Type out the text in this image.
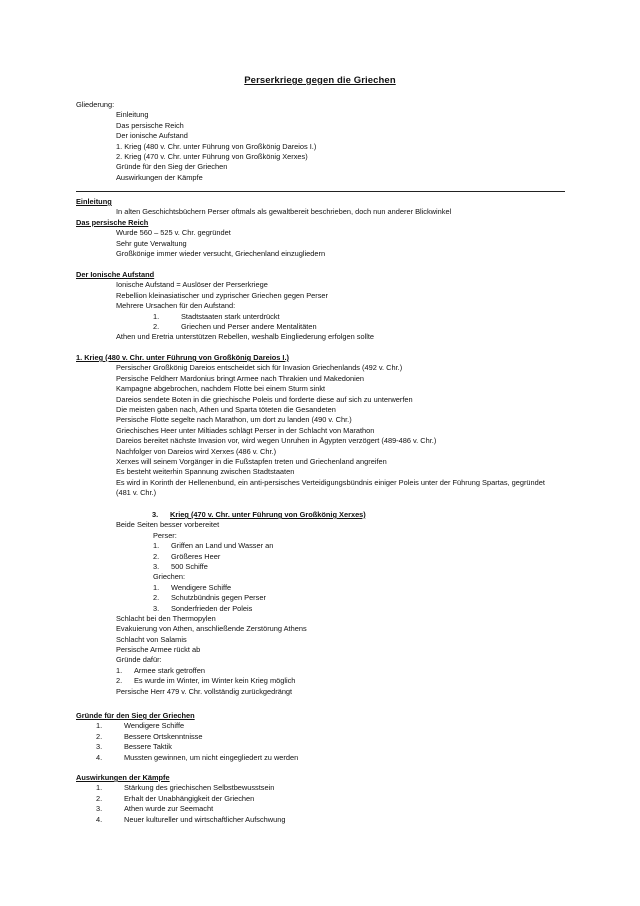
Perserkriege gegen die Griechen
Gliederung:
Einleitung
Das persische Reich
Der ionische Aufstand
1. Krieg (480 v. Chr. unter Führung von Großkönig Dareios I.)
2. Krieg (470 v. Chr. unter Führung von Großkönig Xerxes)
Gründe für den Sieg der Griechen
Auswirkungen der Kämpfe
Einleitung
In alten Geschichtsbüchern Perser oftmals als gewaltbereit beschrieben, doch nun anderer Blickwinkel
Das persische Reich
Wurde 560 – 525 v. Chr. gegründet
Sehr gute Verwaltung
Großkönige immer wieder versucht, Griechenland einzugliedern
Der Ionische Aufstand
Ionische Aufstand = Auslöser der Perserkriege
Rebellion kleinasiatischer und zyprischer Griechen gegen Perser
Mehrere Ursachen für den Aufstand:
1.	Stadtstaaten stark unterdrückt
2.	Griechen und Perser andere Mentalitäten
Athen und Eretria unterstützen Rebellen, weshalb Eingliederung erfolgen sollte
1. Krieg (480 v. Chr. unter Führung von Großkönig Dareios I.)
Persischer Großkönig Dareios entscheidet sich für Invasion Griechenlands (492 v. Chr.)
Persische Feldherr Mardonius bringt Armee nach Thrakien und Makedonien
Kampagne abgebrochen, nachdem Flotte bei einem Sturm sinkt
Dareios sendete Boten in die griechische Poleis und forderte diese auf sich zu unterwerfen
Die meisten gaben nach, Athen und Sparta töteten die Gesandeten
Persische Flotte segelte nach Marathon, um dort zu landen (490 v. Chr.)
Griechisches Heer unter Miltiades schlägt Perser in der Schlacht von Marathon
Dareios bereitet nächste Invasion vor, wird wegen Unruhen in Ägypten verzögert (489-486 v. Chr.)
Nachfolger von Dareios wird Xerxes (486 v. Chr.)
Xerxes will seinem Vorgänger in die Fußstapfen treten und Griechenland angreifen
Es besteht weiterhin Spannung zwischen Stadtstaaten
Es wird in Korinth der Hellenenbund, ein anti-persisches Verteidigungsbündnis einiger Poleis unter der Führung Spartas, gegründet (481 v. Chr.)
3. Krieg (470 v. Chr. unter Führung von Großkönig Xerxes)
Beide Seiten besser vorbereitet
Perser:
1. Griffen an Land und Wasser an
2. Größeres Heer
3. 500 Schiffe
Griechen:
1. Wendigere Schiffe
2. Schutzbündnis gegen Perser
3. Sonderfrieden der Poleis
Schlacht bei den Thermopylen
Evakuierung von Athen, anschließende Zerstörung Athens
Schlacht von Salamis
Persische Armee rückt ab
Gründe dafür:
1. Armee stark getroffen
2. Es wurde im Winter, im Winter kein Krieg möglich
Persische Herr 479 v. Chr. vollständig zurückgedrängt
Gründe für den Sieg der Griechen
1.	Wendigere Schiffe
2.	Bessere Ortskenntnisse
3.	Bessere Taktik
4.	Mussten gewinnen, um nicht eingegliedert zu werden
Auswirkungen der Kämpfe
1.	Stärkung des griechischen Selbstbewusstsein
2.	Erhalt der Unabhängigkeit der Griechen
3.	Athen wurde zur Seemacht
4.	Neuer kultureller und wirtschaftlicher Aufschwung
